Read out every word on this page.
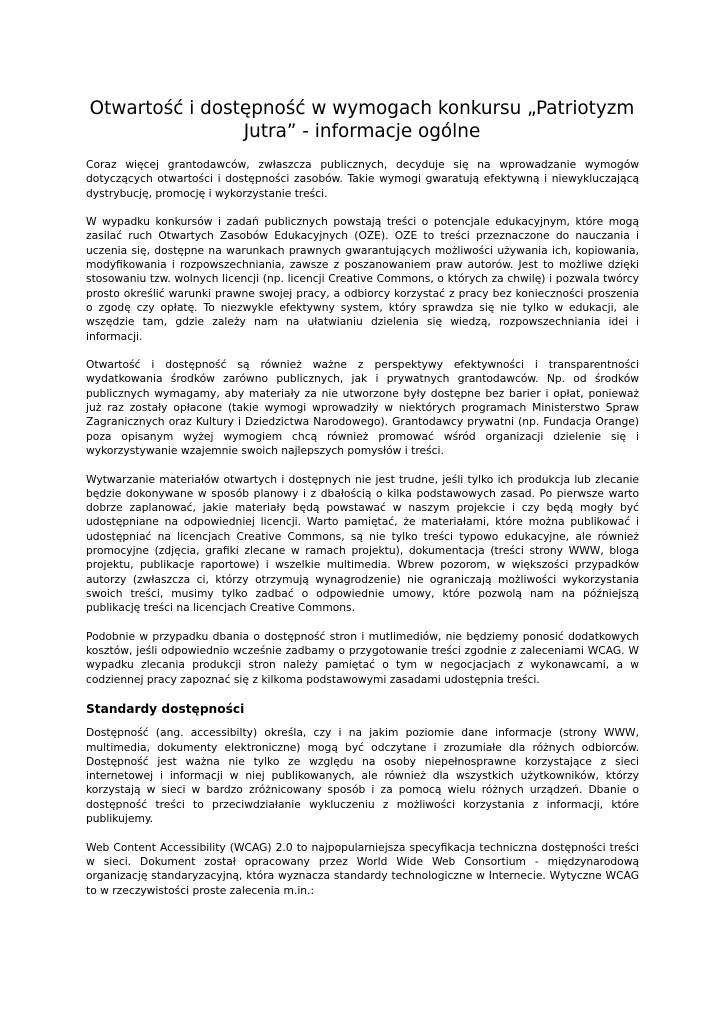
Otwartość i dostępność w wymogach konkursu „Patriotyzm Jutra” - informacje ogólne

Coraz więcej grantodawców, zwłaszcza publicznych, decyduje się na wprowadzanie wymogów dotyczących otwartości i dostępności zasobów. Takie wymogi gwaratują efektywną i niewykluczającą dystrybucję, promocję i wykorzystanie treści.

W wypadku konkursów i zadań publicznych powstają treści o potencjale edukacyjnym, które mogą zasilać ruch Otwartych Zasobów Edukacyjnych (OZE). OZE to treści przeznaczone do nauczania i uczenia się, dostępne na warunkach prawnych gwarantujących możliwości używania ich, kopiowania, modyfikowania i rozpowszechniania, zawsze z poszanowaniem praw autorów. Jest to możliwe dzięki stosowaniu tzw. wolnych licencji (np. licencji Creative Commons, o których za chwilę) i pozwala twórcy prosto określić warunki prawne swojej pracy, a odbiorcy korzystać z pracy bez konieczności proszenia o zgodę czy opłatę. To niezwykle efektywny system, który sprawdza się nie tylko w edukacji, ale wszędzie tam, gdzie zależy nam na ułatwianiu dzielenia się wiedzą, rozpowszechniania idei i informacji.

Otwartość i dostępność są również ważne z perspektywy efektywności i transparentności wydatkowania środków zarówno publicznych, jak i prywatnych grantodawców. Np. od środków publicznych wymagamy, aby materiały za nie utworzone były dostępne bez barier i opłat, ponieważ już raz zostały opłacone (takie wymogi wprowadziły w niektórych programach Ministerstwo Spraw Zagranicznych oraz Kultury i Dziedzictwa Narodowego). Grantodawcy prywatni (np. Fundacja Orange) poza opisanym wyżej wymogiem chcą również promować wśród organizacji dzielenie się i wykorzystywanie wzajemnie swoich najlepszych pomysłów i treści.

Wytwarzanie materiałów otwartych i dostępnych nie jest trudne, jeśli tylko ich produkcja lub zlecanie będzie dokonywane w sposób planowy i z dbałością o kilka podstawowych zasad. Po pierwsze warto dobrze zaplanować, jakie materiały będą powstawać w naszym projekcie i czy będą mogły być udostępniane na odpowiedniej licencji. Warto pamiętać, że materiałami, które można publikować i udostępniać na licencjach Creative Commons, są nie tylko treści typowo edukacyjne, ale również promocyjne (zdjęcia, grafiki zlecane w ramach projektu), dokumentacja (treści strony WWW, bloga projektu, publikacje raportowe) i wszelkie multimedia. Wbrew pozorom, w większości przypadków autorzy (zwłaszcza ci, którzy otrzymują wynagrodzenie) nie ograniczają możliwości wykorzystania swoich treści, musimy tylko zadbać o odpowiednie umowy, które pozwolą nam na późniejszą publikację treści na licencjach Creative Commons.

Podobnie w przypadku dbania o dostępność stron i mutlimediów, nie będziemy ponosić dodatkowych kosztów, jeśli odpowiednio wcześnie zadbamy o przygotowanie treści zgodnie z zaleceniami WCAG. W wypadku zlecania produkcji stron należy pamiętać o tym w negocjacjach z wykonawcami, a w codziennej pracy zapoznać się z kilkoma podstawowymi zasadami udostępnia treści.

Standardy dostępności

Dostępność (ang. accessibilty) określa, czy i na jakim poziomie dane informacje (strony WWW, multimedia, dokumenty elektroniczne) mogą być odczytane i zrozumiałe dla różnych odbiorców. Dostępność jest ważna nie tylko ze względu na osoby niepełnosprawne korzystające z sieci internetowej i informacji w niej publikowanych, ale również dla wszystkich użytkowników, którzy korzystają w sieci w bardzo zróżnicowany sposób i za pomocą wielu różnych urządzeń. Dbanie o dostępność treści to przeciwdziałanie wykluczeniu z możliwości korzystania z informacji, które publikujemy.

Web Content Accessibility (WCAG) 2.0 to najpopularniejsza specyfikacja techniczna dostępności treści w sieci. Dokument został opracowany przez World Wide Web Consortium - międzynarodową organizację standaryzacyjną, która wyznacza standardy technologiczne w Internecie. Wytyczne WCAG to w rzeczywistości proste zalecenia m.in.:
